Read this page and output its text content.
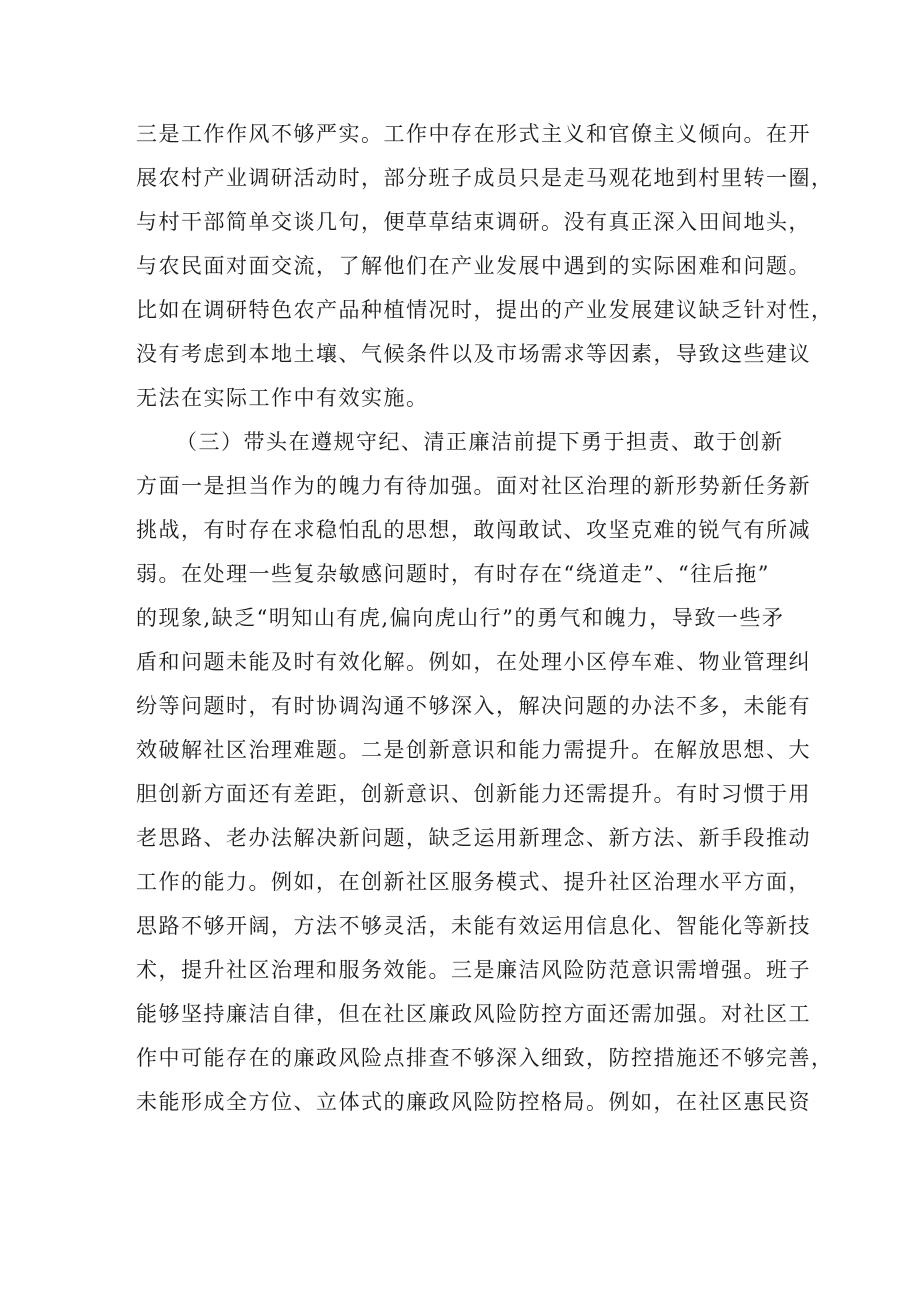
三是工作作风不够严实。工作中存在形式主义和官僚主义倾向。在开
展农村产业调研活动时，部分班子成员只是走马观花地到村里转一圈，
与村干部简单交谈几句，便草草结束调研。没有真正深入田间地头，
与农民面对面交流，了解他们在产业发展中遇到的实际困难和问题。
比如在调研特色农产品种植情况时，提出的产业发展建议缺乏针对性，
没有考虑到本地土壤、气候条件以及市场需求等因素，导致这些建议
无法在实际工作中有效实施。
（三）带头在遵规守纪、清正廉洁前提下勇于担责、敢于创新
方面一是担当作为的魄力有待加强。面对社区治理的新形势新任务新
挑战，有时存在求稳怕乱的思想，敢闯敢试、攻坚克难的锐气有所减
弱。在处理一些复杂敏感问题时，有时存在“绕道走”、“往后拖”
的现象,缺乏“明知山有虎,偏向虎山行”的勇气和魄力，导致一些矛
盾和问题未能及时有效化解。例如，在处理小区停车难、物业管理纠
纷等问题时，有时协调沟通不够深入，解决问题的办法不多，未能有
效破解社区治理难题。二是创新意识和能力需提升。在解放思想、大
胆创新方面还有差距，创新意识、创新能力还需提升。有时习惯于用
老思路、老办法解决新问题，缺乏运用新理念、新方法、新手段推动
工作的能力。例如，在创新社区服务模式、提升社区治理水平方面，
思路不够开阔，方法不够灵活，未能有效运用信息化、智能化等新技
术，提升社区治理和服务效能。三是廉洁风险防范意识需增强。班子
能够坚持廉洁自律，但在社区廉政风险防控方面还需加强。对社区工
作中可能存在的廉政风险点排查不够深入细致，防控措施还不够完善，
未能形成全方位、立体式的廉政风险防控格局。例如，在社区惠民资
